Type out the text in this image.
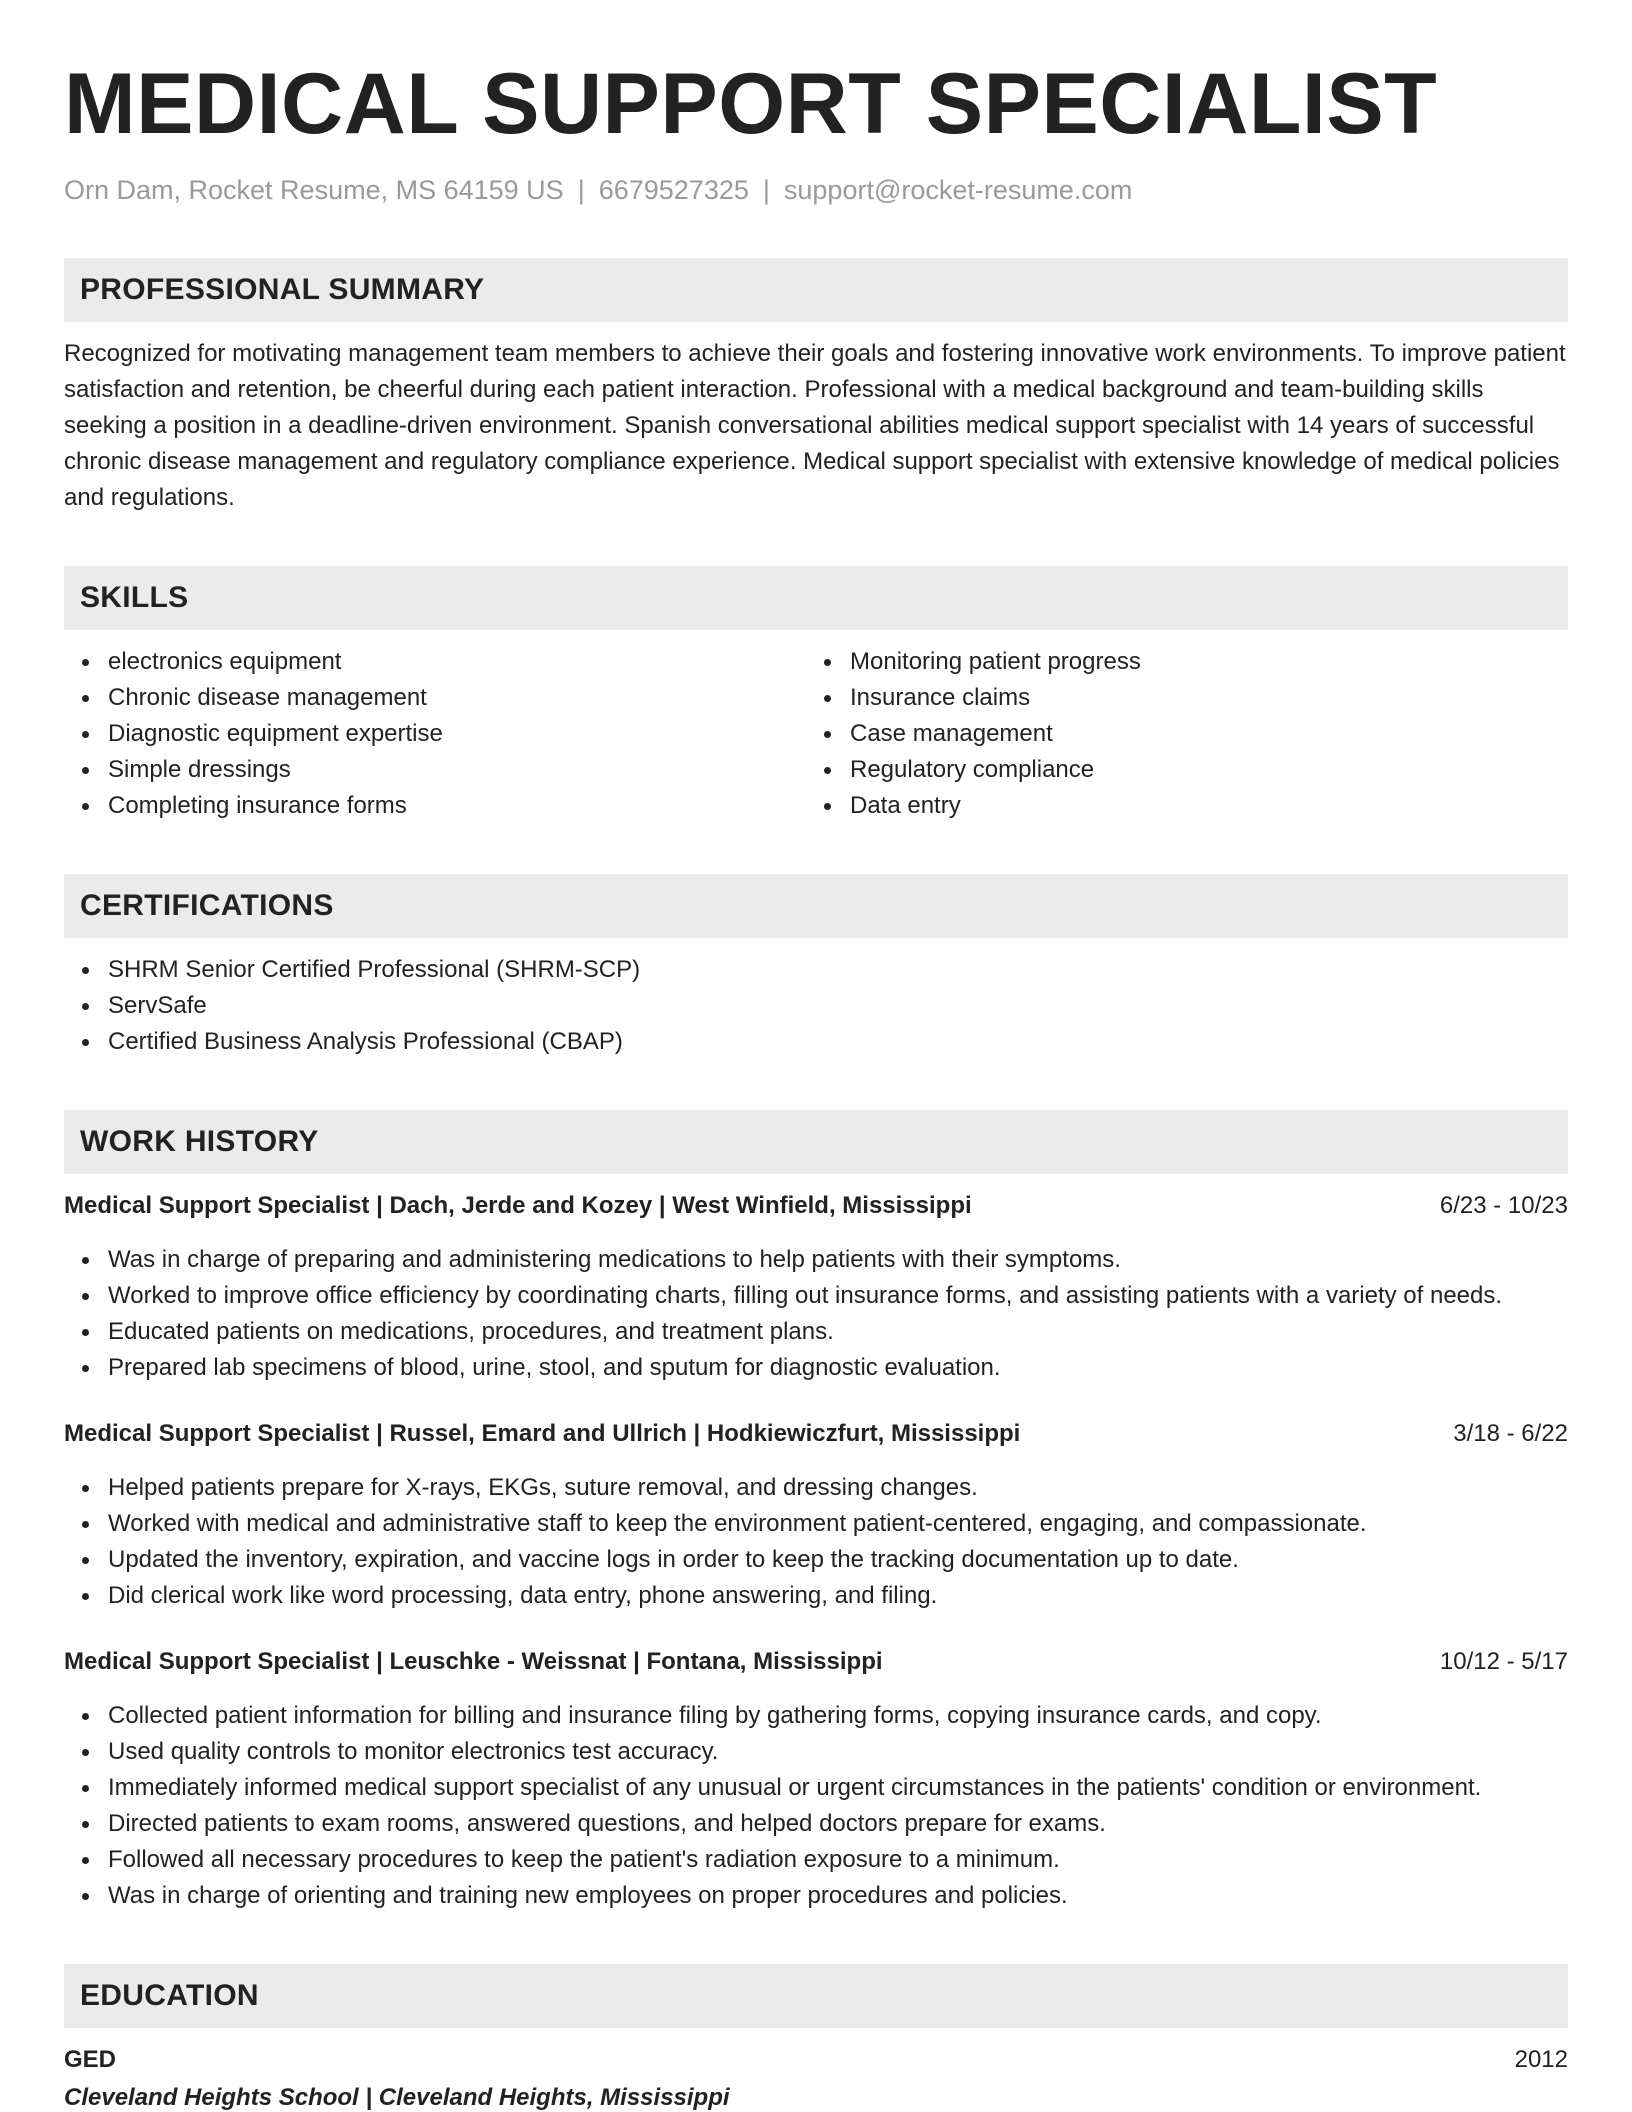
MEDICAL SUPPORT SPECIALIST
Orn Dam, Rocket Resume, MS 64159 US | 6679527325 | support@rocket-resume.com
PROFESSIONAL SUMMARY

Recognized for motivating management team members to achieve their goals and fostering innovative work environments. To improve patient satisfaction and retention, be cheerful during each patient interaction. Professional with a medical background and team-building skills seeking a position in a deadline-driven environment. Spanish conversational abilities medical support specialist with 14 years of successful chronic disease management and regulatory compliance experience. Medical support specialist with extensive knowledge of medical policies and regulations.

SKILLS
electronics equipment
Chronic disease management
Diagnostic equipment expertise
Simple dressings
Completing insurance forms
Monitoring patient progress
Insurance claims
Case management
Regulatory compliance
Data entry
CERTIFICATIONS
SHRM Senior Certified Professional (SHRM-SCP)
ServSafe
Certified Business Analysis Professional (CBAP)
WORK HISTORY
Medical Support Specialist | Dach, Jerde and Kozey | West Winfield, Mississippi	6/23 - 10/23
Was in charge of preparing and administering medications to help patients with their symptoms.
Worked to improve office efficiency by coordinating charts, filling out insurance forms, and assisting patients with a variety of needs.
Educated patients on medications, procedures, and treatment plans.
Prepared lab specimens of blood, urine, stool, and sputum for diagnostic evaluation.
Medical Support Specialist | Russel, Emard and Ullrich | Hodkiewiczfurt, Mississippi	3/18 - 6/22
Helped patients prepare for X-rays, EKGs, suture removal, and dressing changes.
Worked with medical and administrative staff to keep the environment patient-centered, engaging, and compassionate.
Updated the inventory, expiration, and vaccine logs in order to keep the tracking documentation up to date.
Did clerical work like word processing, data entry, phone answering, and filing.
Medical Support Specialist | Leuschke - Weissnat | Fontana, Mississippi	10/12 - 5/17
Collected patient information for billing and insurance filing by gathering forms, copying insurance cards, and copy.
Used quality controls to monitor electronics test accuracy.
Immediately informed medical support specialist of any unusual or urgent circumstances in the patients' condition or environment.
Directed patients to exam rooms, answered questions, and helped doctors prepare for exams.
Followed all necessary procedures to keep the patient's radiation exposure to a minimum.
Was in charge of orienting and training new employees on proper procedures and policies.
EDUCATION
GED	2012
Cleveland Heights School | Cleveland Heights, Mississippi
